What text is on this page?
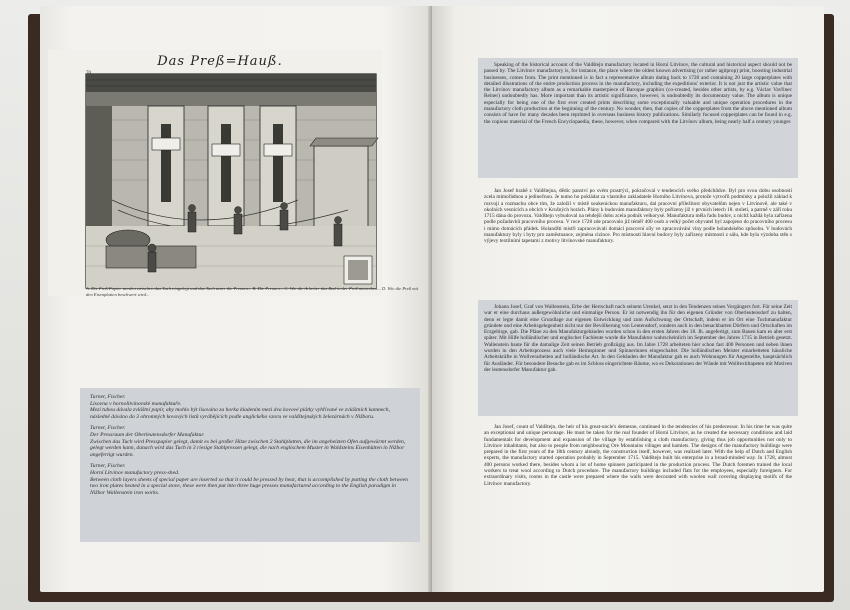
Das Preß=Hauß.
70
A. Die Preß Papier werden zwischen das Tuch eingelegt und das Tuch unter die Pressen... B. Die Pressen... C. Wie die Arbeiter das Rad in der Preß umtreiben... D. Wie die Preß mit den Eisenplatten beschwert wird...

Turner, Fischer.
Lisovna v hornolitvínovské manufaktuře.
Mezi tuhou dávala zvláštní papír, aby mohlo být lisováno za horka kladením mezi dva kovové plátky vyhřívané ve zvláštních kamnech, následně dáváno do 3 ohromných kovových listů vyrábějících podle anglického vzoru ve valdštejnských železárnách v Nižboru.

Turner, Fischer.
Der Pressraum der Oberleutensdorfer Manufaktur.
Zwischen das Tuch wird Presspapier gelegt, damit es bei großer Hitze zwischen 2 Stahlplatten, die im angeheizten Ofen aufgewärmt werden, gelegt werden kann, danach wird das Tuch in 3 riesige Stahlpressen gelegt, die nach englischem Muster in Waldsteins Eisenhütten in Nižbor angefertigt wurden.

Turner, Fischer.
Horní Litvínov manufactory press-shed.
Between cloth layers sheets of special paper are inserted so that it could be pressed by heat, that is accomplished by putting the cloth between two iron plates heated in a special stove, these were then put into three huge presses manufactured according to the English paradigm in Nižbor Wallenstein iron works.

Speaking of the historical account of the Valdštejn manufactory located in Horní Litvínov, the cultural and historical aspect should not be passed by. The Litvínov manufactory is, for instance, the place where the oldest known advertising (or rather agitprop) print, boosting industrial businesses, comes from. The print mentioned is in fact a representative album dating back to 1728 and containing 20 large copperplates with detailed illustrations of the entire production process in the manufactory, including the expeditions' exterior. It is not just the artistic value that the Litvínov manufactory album as a remarkable masterpiece of Baroque graphics (co-created, besides other artists, by e.g. Václav Vavřinec Reiner) undoubtedly has. More important than its artistic significance, however, is undoubtedly its documentary value. The album is unique especially for being one of the first ever created prints describing some exceptionally valuable and unique operation procedures in the manufactory cloth production at the beginning of the century. No wonder, then, that copies of the copperplates from the above mentioned album consists of have for many decades been reprinted in overseas business history publications. Similarly focused copperplates can be found in e.g. the copious material of the French Encyclopaedia, these, however, when compared with the Litvínov album, being nearly half a century younger.

Jan Josef hrabě z Valdštejna, dědic panství po svém prastrýci, pokračoval v tendencích svého předchůdce. Byl pro svou dobu osobností zcela mimořádnou a jedinečnou. Je nutno ho pokládat za vlastního zakladatele Horního Litvínova, protože vytvořil podmínky a položil základ k rozvoji a rozmachu obce tím, že založil v místě soukenickou manufakturu, dal pracovní příležitost obyvatelům nejen v Litvínově, ale také v okolních vesnicích a obcích v Krušných horách. Plány k budovám manufaktury byly pořízeny již v prvních letech 18. století, a patrně v září roku 1715 dána do provozu. Valdštejn vybudoval na tehdejší dobu zcela podnik velkorysé. Manufaktura měla řadu budov, z nichž každá byla zařízena podle požadavků pracovního procesu. V roce 1728 zde pracovalo již téměř 400 osob a velký počet obyvatel byl zapojeno do pracovního procesu i mimo domácích přádek. Holandští mistři zapracovávali domácí pracovní síly ve zpracovávání vlny podle holandského způsobu. V budovách manufaktury byly i byty pro zaměstnance, zejména cizince. Pro místnosti hlavní budovy byly zařízeny místnosti z sálu, kde byla výzdoba stěn s výjevy textilními tapetami z motivy litvínovské manufaktury.

Johann Josef, Graf von Wallenstein, Erbe der Herrschaft nach seinem Urenkel, setzt in den Tendenzen seines Vorgängers fort. Für seine Zeit war er eine durchaus außergewöhnliche und einmalige Person. Er ist notwendig ihn für den eigenen Gründer von Oberleutensdorf zu halten, denn er legte damit eine Grundlage zur eigenen Entwicklung und zum Aufschwung der Ortschaft, indem er im Ort eine Tuchmanufaktur gründete und eine Arbeitsgelegenheit nicht nur der Bevölkerung von Leutensdorf, sondern auch in den benachbarten Dörfern und Ortschaften im Erzgebirge, gab. Die Pläne zu den Manufakturgebäuden wurden schon in den ersten Jahren des 18. Jh. angefertigt, zum Bauen kam es aber erst später. Mit Hilfe holländischer und englischer Fachleute wurde die Manufaktur wahrscheinlich im September des Jahres 1715 in Betrieb gesetzt. Wallenstein baute für die damalige Zeit seinen Betrieb großzügig aus. Im Jahre 1728 arbeiteten hier schon fast 400 Personen und neben ihnen wurden in den Arbeitsprozess auch viele Heimspinner und Spinnerinnen eingeschaltet. Die holländischen Meister einarbeiteten häusliche Arbeitskräfte in Wollverarbeiten auf holländische Art. In den Gebäuden der Manufaktur gab es auch Wohnungen für Angestellte, hauptsächlich für Ausländer. Für besondere Besuche gab es im Schloss eingerichtete Räume, wo es Dekorationen der Wände mit Wolltextiltapeten mit Motiven der leutensdorfer Manufaktur gab.

Jan Josef, count of Valdštejn, the heir of his great-uncle's demesne, continued in the tendencies of his predecessor. In his time he was quite an exceptional and unique personage. He must be taken for the real founder of Horní Litvínov, as he created the necessary conditions and laid fundamentals for development and expansion of the village by establishing a cloth manufactory, giving thus job opportunities not only to Litvínov inhabitants, but also to people from neighbouring Ore Mountains villages and hamlets. The designs of the manufactory buildings were prepared in the first years of the 18th century already, the construction itself, however, was realized later. With the help of Dutch and English experts, the manufactory started operation probably in September 1715. Valdštejn built his enterprise in a broad-minded way. In 1728, almost 400 persons worked there, besides whom a lot of home spinners participated in the production process. The Dutch foremen trained the local workers to treat wool according to Dutch procedure. The manufactory buildings included flats for the employees, especially foreigners. For extraordinary visits, rooms in the castle were prepared where the walls were decorated with woolen wall covering displaying motifs of the Litvínov manufactory.
